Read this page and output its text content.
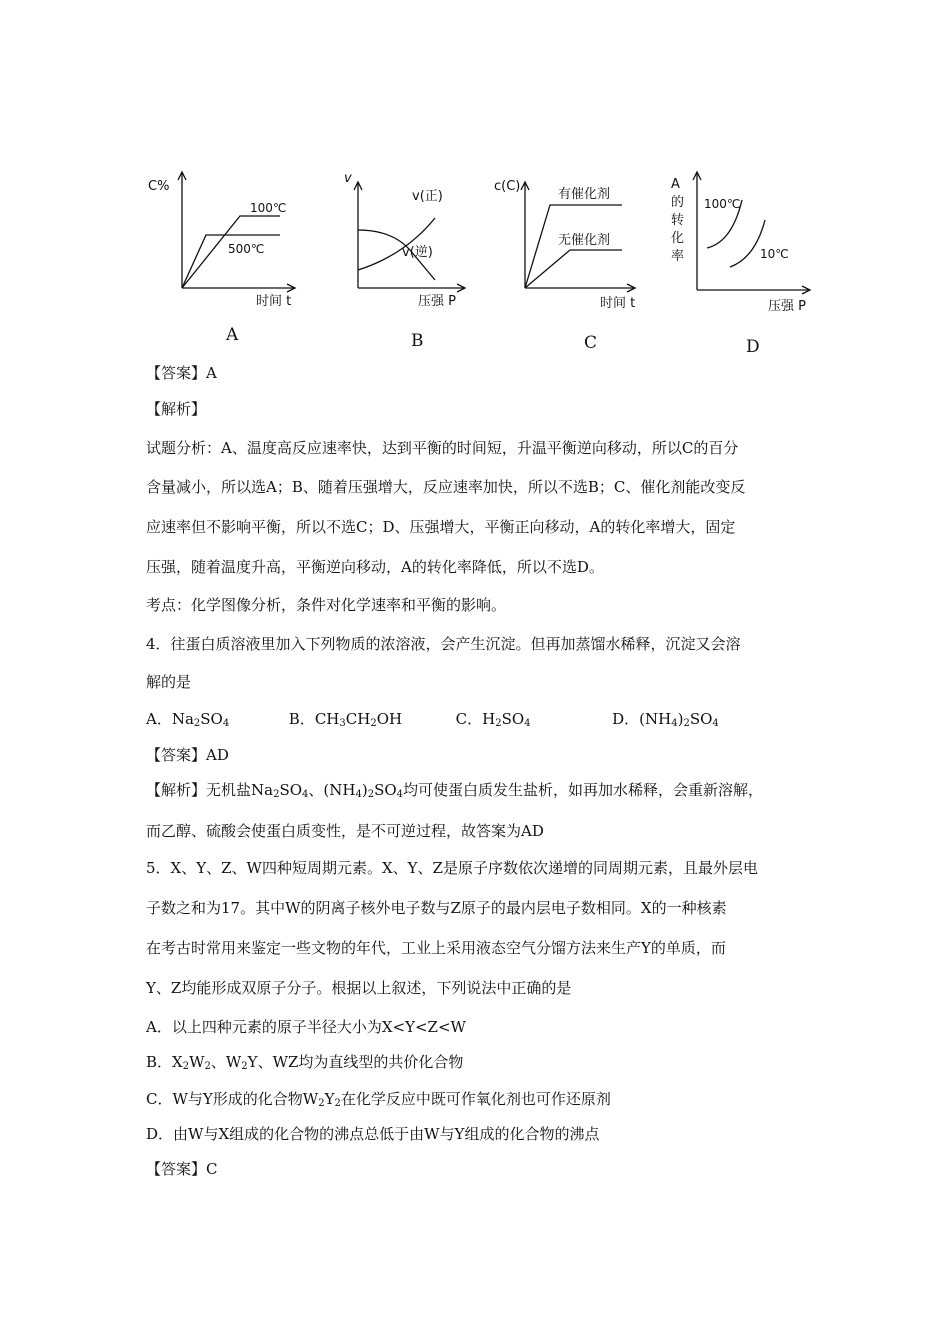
C%
100℃
500℃
时间 t
A
v
v(正)
v(逆)
压强 P
B
c(C)
有催化剂
无催化剂
时间 t
C
A
的
转
化
率
100℃
10℃
压强 P
D
【答案】A
【解析】
试题分析：A、温度高反应速率快，达到平衡的时间短，升温平衡逆向移动，所以C的百分
含量减小，所以选A；B、随着压强增大，反应速率加快，所以不选B；C、催化剂能改变反
应速率但不影响平衡，所以不选C；D、压强增大，平衡正向移动，A的转化率增大，固定
压强，随着温度升高，平衡逆向移动，A的转化率降低，所以不选D。
考点：化学图像分析，条件对化学速率和平衡的影响。
4．往蛋白质溶液里加入下列物质的浓溶液，会产生沉淀。但再加蒸馏水稀释，沉淀又会溶
解的是
A．$Na_2SO_4$	B．$CH_3CH_2OH$	C．$H_2SO_4$	D．$(NH_4)_2SO_4$
【答案】AD
【解析】无机盐$Na_2SO_4$、$(NH_4)_2SO_4$均可使蛋白质发生盐析，如再加水稀释，会重新溶解，
而乙醇、硫酸会使蛋白质变性，是不可逆过程，故答案为AD
5．X、Y、Z、W四种短周期元素。X、Y、Z是原子序数依次递增的同周期元素，且最外层电
子数之和为17。其中W的阴离子核外电子数与Z原子的最内层电子数相同。X的一种核素
在考古时常用来鉴定一些文物的年代，工业上采用液态空气分馏方法来生产Y的单质，而
Y、Z均能形成双原子分子。根据以上叙述，下列说法中正确的是
A．以上四种元素的原子半径大小为X<Y<Z<W
B．$X_2W_2$、$W_2Y$、WZ均为直线型的共价化合物
C．W与Y形成的化合物$W_2Y_2$在化学反应中既可作氧化剂也可作还原剂
D．由W与X组成的化合物的沸点总低于由W与Y组成的化合物的沸点
【答案】C
